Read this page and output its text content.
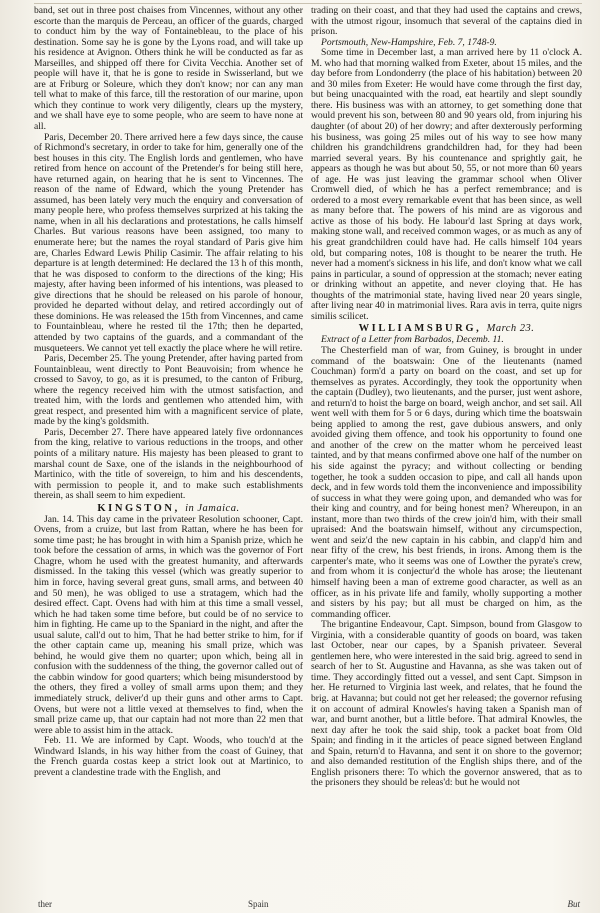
band, set out in three post chaises from Vincennes, without any other escorte than the marquis de Perceau, an officer of the guards, charged to conduct him by the way of Fontainebleau, to the place of his destination. Some say he is gone by the Lyons road, and will take up his residence at Avignon. Others think he will be conducted as far as Marseilles, and shipped off there for Civita Vecchia. Another set of people will have it, that he is gone to reside in Swisserland, but we are at Friburg or Soleure, which they don't know; nor can any man tell what to make of this farce, till the restoration of our marine, upon which they continue to work very diligently, clears up the mystery, and we shall have eye to some people, who are seem to have none at all.

Paris, December 20. There arrived here a few days since, the cause of Richmond's secretary, in order to take for him, generally one of the best houses in this city. The English lords and gentlemen, who have retired from hence on account of the Pretender's for being still here, have returned again, on hearing that he is sent to Vincennes. The reason of the name of Edward, which the young Pretender has assumed, has been lately very much the enquiry and conversation of many people here, who profess themselves surprized at his taking the name, when in all his declarations and protestations, he calls himself Charles. But various reasons have been assigned, too many to enumerate here; but the names the royal standard of Paris give him are, Charles Edward Lewis Philip Casimir. The affair relating to his departure is at length determined: He declared the 13 h of this month, that he was disposed to conform to the directions of the king; His majesty, after having been informed of his intentions, was pleased to give directions that he should be released on his parole of honour, provided he departed without delay, and retired accordingly out of these dominions. He was released the 15th from Vincennes, and came to Fountainbleau, where he rested til the 17th; then he departed, attended by two captains of the guards, and a commandant of the musqueteers. We cannot yet tell exactly the place where he will retire.

Paris, December 25. The young Pretender, after having parted from Fountainbleau, went directly to Pont Beauvoisin; from whence he crossed to Savoy, to go, as it is presumed, to the canton of Friburg, where the regency received him with the utmost satisfaction, and treated him, with the lords and gentlemen who attended him, with great respect, and presented him with a magnificent service of plate, made by the king's goldsmith.

Paris, December 27. There have appeared lately five ordonnances from the king, relative to various reductions in the troops, and other points of a military nature. His majesty has been pleased to grant to marshal count de Saxe, one of the islands in the neighbourhood of Martinico, with the title of sovereign, to him and his descendents, with permission to people it, and to make such establishments therein, as shall seem to him expedient.

KINGSTON, in Jamaica.

Jan. 14. This day came in the privateer Resolution schooner, Capt. Ovens, from a cruize, but last from Rattan, where he has been for some time past; he has brought in with him a Spanish prize, which he took before the cessation of arms, in which was the governor of Fort Chagre, whom he used with the greatest humanity, and afterwards dismissed. In the taking this vessel (which was greatly superior to him in force, having several great guns, small arms, and between 40 and 50 men), he was obliged to use a stratagem, which had the desired effect. Capt. Ovens had with him at this time a small vessel, which he had taken some time before, but could be of no service to him in fighting. He came up to the Spaniard in the night, and after the usual salute, call'd out to him, That he had better strike to him, for if the other captain came up, meaning his small prize, which was behind, he would give them no quarter; upon which, being all in confusion with the suddenness of the thing, the governor called out of the cabbin window for good quarters; which being misunderstood by the others, they fired a volley of small arms upon them; and they immediately struck, deliver'd up their guns and other arms to Capt. Ovens, but were not a little vexed at themselves to find, when the small prize came up, that our captain had not more than 22 men that were able to assist him in the attack.

Feb. 11. We are informed by Capt. Woods, who touch'd at the Windward Islands, in his way hither from the coast of Guiney, that the French guarda costas keep a strict look out at Martinico, to prevent a clandestine trade with the English, and

trading on their coast, and that they had used the captains and crews, with the utmost rigour, insomuch that several of the captains died in prison.

Portsmouth, New-Hampshire, Feb. 7, 1748-9.

Some time in December last, a man arrived here by 11 o'clock A. M. who had that morning walked from Exeter, about 15 miles, and the day before from Londonderry (the place of his habitation) between 20 and 30 miles from Exeter: He would have come through the first day, but being unacquainted with the road, eat heartily and slept soundly there. His business was with an attorney, to get something done that would prevent his son, between 80 and 90 years old, from injuring his daughter (of about 20) of her dowry; and after dexterously performing his business, was going 25 miles out of his way to see how many children his grandchildrens grandchildren had, for they had been married several years. By his countenance and sprightly gait, he appears as though he was but about 50, 55, or not more than 60 years of age. He was just leaving the grammar school when Oliver Cromwell died, of which he has a perfect remembrance; and is ordered to a most every remarkable event that has been since, as well as many before that. The powers of his mind are as vigorous and active as those of his body. He labour'd last Spring at days work, making stone wall, and received common wages, or as much as any of his great grandchildren could have had. He calls himself 104 years old, but comparing notes, 108 is thought to be nearer the truth. He never had a moment's sickness in his life, and don't know what we call pains in particular, a sound of oppression at the stomach; never eating or drinking without an appetite, and never cloying that. He has thoughts of the matrimonial state, having lived near 20 years single, after living near 40 in matrimonial lives. Rara avis in terra, quite nigrs similis scilicet.

WILLIAMSBURG, March 23.

Extract of a Letter from Barbados, Decemb. 11.

The Chesterfield man of war, from Guiney, is brought in under command of the boatswain: One of the lieutenants (named Couchman) form'd a party on board on the coast, and set up for themselves as pyrates. Accordingly, they took the opportunity when the captain (Dudley), two lieutenants, and the purser, just went ashore, and return'd to hoist the barge on board, weigh anchor, and set sail. All went well with them for 5 or 6 days, during which time the boatswain being applied to among the rest, gave dubious answers, and only avoided giving them offence, and took his opportunity to found one and another of the crew on the matter whom he perceived least tainted, and by that means confirmed above one half of the number on his side against the pyracy; and without collecting or bending together, he took a sudden occasion to pipe, and call all hands upon deck, and in few words told them the inconvenience and impossibility of success in what they were going upon, and demanded who was for their king and country, and for being honest men? Whereupon, in an instant, more than two thirds of the crew join'd him, with their small upraised: And the boatswain himself, without any circumspection, went and seiz'd the new captain in his cabbin, and clapp'd him and near fifty of the crew, his best friends, in irons. Among them is the carpenter's mate, who it seems was one of Lowther the pyrate's crew, and from whom it is conjectur'd the whole has arose; the lieutenant himself having been a man of extreme good character, as well as an officer, as in his private life and family, wholly supporting a mother and sisters by his pay; but all must be charged on him, as the commanding officer.

The brigantine Endeavour, Capt. Simpson, bound from Glasgow to Virginia, with a considerable quantity of goods on board, was taken last October, near our capes, by a Spanish privateer. Several gentlemen here, who were interested in the said brig. agreed to send in search of her to St. Augustine and Havanna, as she was taken out of time. They accordingly fitted out a vessel, and sent Capt. Simpson in her. He returned to Virginia last week, and relates, that he found the brig. at Havanna; but could not get her released; the governor refusing it on account of admiral Knowles's having taken a Spanish man of war, and burnt another, but a little before. That admiral Knowles, the next day after he took the said ship, took a packet boat from Old Spain; and finding in it the articles of peace signed between England and Spain, return'd to Havanna, and sent it on shore to the governor; and also demanded restitution of the English ships there, and of the English prisoners there: To which the governor answered, that as to the prisoners they should be releas'd: but he would not

ther	Spain	But
